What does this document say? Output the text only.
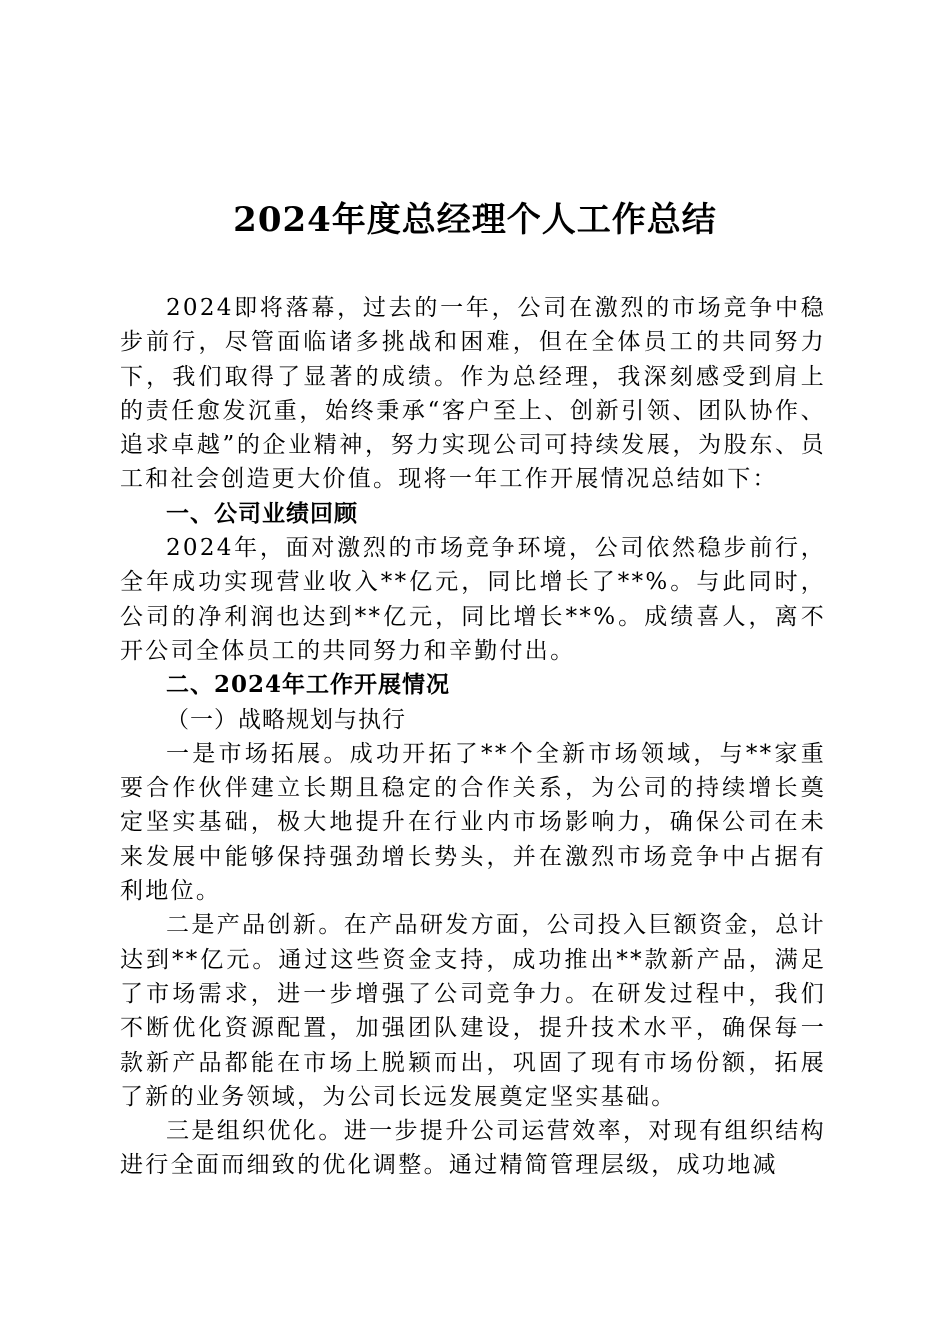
2024年度总经理个人工作总结

2024即将落幕，过去的一年，公司在激烈的市场竞争中稳步前行，尽管面临诸多挑战和困难，但在全体员工的共同努力下，我们取得了显著的成绩。作为总经理，我深刻感受到肩上的责任愈发沉重，始终秉承“客户至上、创新引领、团队协作、追求卓越”的企业精神，努力实现公司可持续发展，为股东、员工和社会创造更大价值。现将一年工作开展情况总结如下：

一、公司业绩回顾

2024年，面对激烈的市场竞争环境，公司依然稳步前行，全年成功实现营业收入**亿元，同比增长了**%。与此同时，公司的净利润也达到**亿元，同比增长**%。成绩喜人，离不开公司全体员工的共同努力和辛勤付出。

二、2024年工作开展情况

（一）战略规划与执行

一是市场拓展。成功开拓了**个全新市场领域，与**家重要合作伙伴建立长期且稳定的合作关系，为公司的持续增长奠定坚实基础，极大地提升在行业内市场影响力，确保公司在未来发展中能够保持强劲增长势头，并在激烈市场竞争中占据有利地位。

二是产品创新。在产品研发方面，公司投入巨额资金，总计达到**亿元。通过这些资金支持，成功推出**款新产品，满足了市场需求，进一步增强了公司竞争力。在研发过程中，我们不断优化资源配置，加强团队建设，提升技术水平，确保每一款新产品都能在市场上脱颖而出，巩固了现有市场份额，拓展了新的业务领域，为公司长远发展奠定坚实基础。

三是组织优化。进一步提升公司运营效率，对现有组织结构进行全面而细致的优化调整。通过精简管理层级，成功地减
